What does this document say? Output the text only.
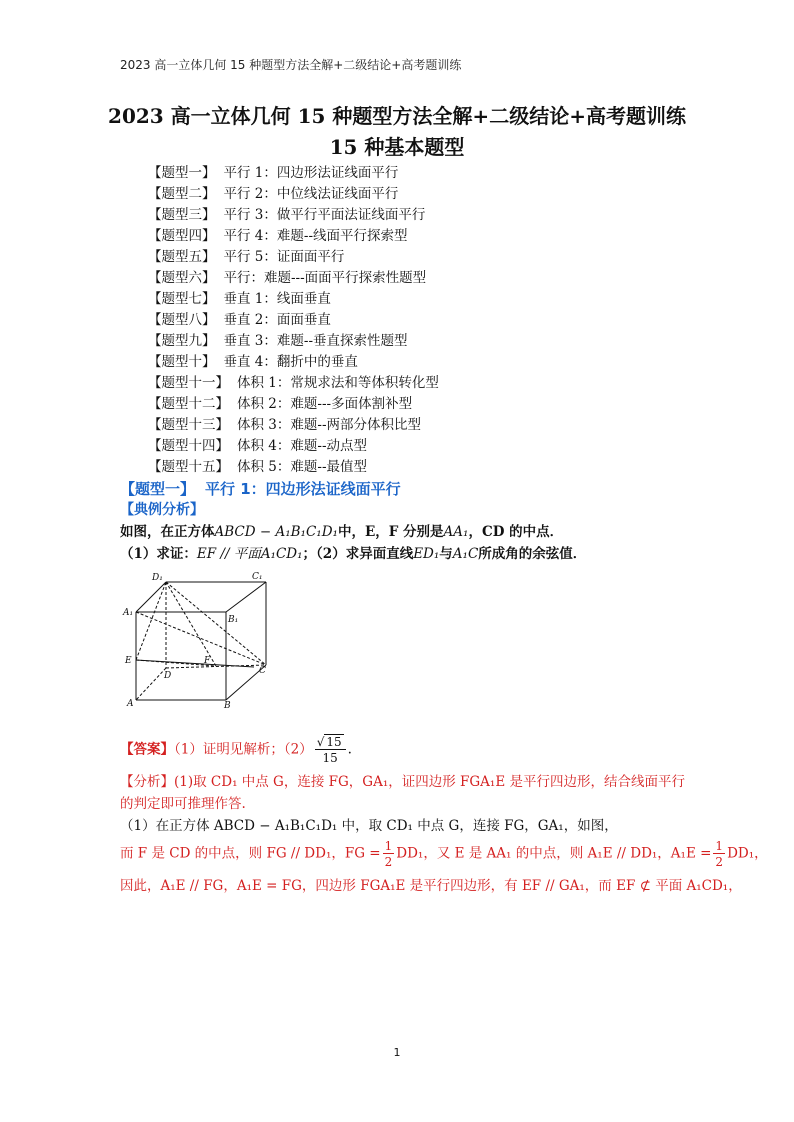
2023 高一立体几何 15 种题型方法全解+二级结论+高考题训练
2023 高一立体几何 15 种题型方法全解+二级结论+高考题训练
15 种基本题型
【题型一】 平行 1：四边形法证线面平行
【题型二】 平行 2：中位线法证线面平行
【题型三】 平行 3：做平行平面法证线面平行
【题型四】 平行 4：难题--线面平行探索型
【题型五】 平行 5：证面面平行
【题型六】 平行：难题---面面平行探索性题型
【题型七】 垂直 1：线面垂直
【题型八】 垂直 2：面面垂直
【题型九】 垂直 3：难题--垂直探索性题型
【题型十】 垂直 4：翻折中的垂直
【题型十一】 体积 1：常规求法和等体积转化型
【题型十二】 体积 2：难题---多面体割补型
【题型十三】 体积 3：难题--两部分体积比型
【题型十四】 体积 4：难题--动点型
【题型十五】 体积 5：难题--最值型
【题型一】 平行 1：四边形法证线面平行
【典例分析】
如图，在正方体ABCD − A₁B₁C₁D₁中，E，F 分别是AA₁，CD 的中点．
（1）求证：EF // 平面A₁CD₁；（2）求异面直线ED₁与A₁C所成角的余弦值．
D₁	C₁
A₁
B₁
E	F
D	C
A	B
【答案】（1）证明见解析；$(2) \frac{√ 15}{15}$ .
【分析】(1)取 CD₁ 中点 G，连接 FG，GA₁，证四边形 FGA₁E 是平行四边形，结合线面平行
的判定即可推理作答.
（1）在正方体 ABCD − A₁B₁C₁D₁ 中，取 CD₁ 中点 G，连接 FG，GA₁，如图，
而 F 是 CD 的中点，则 FG // DD₁，FG = $\frac{1}{2} DD_1$，又 E 是 AA₁ 的中点，则 A₁E // DD₁，$A_1E = \frac{1}{2} DD_1$，
因此，A₁E // FG，A₁E = FG，四边形 FGA₁E 是平行四边形，有 EF // GA₁，而 EF ⊄ 平面 A₁CD₁，
1
